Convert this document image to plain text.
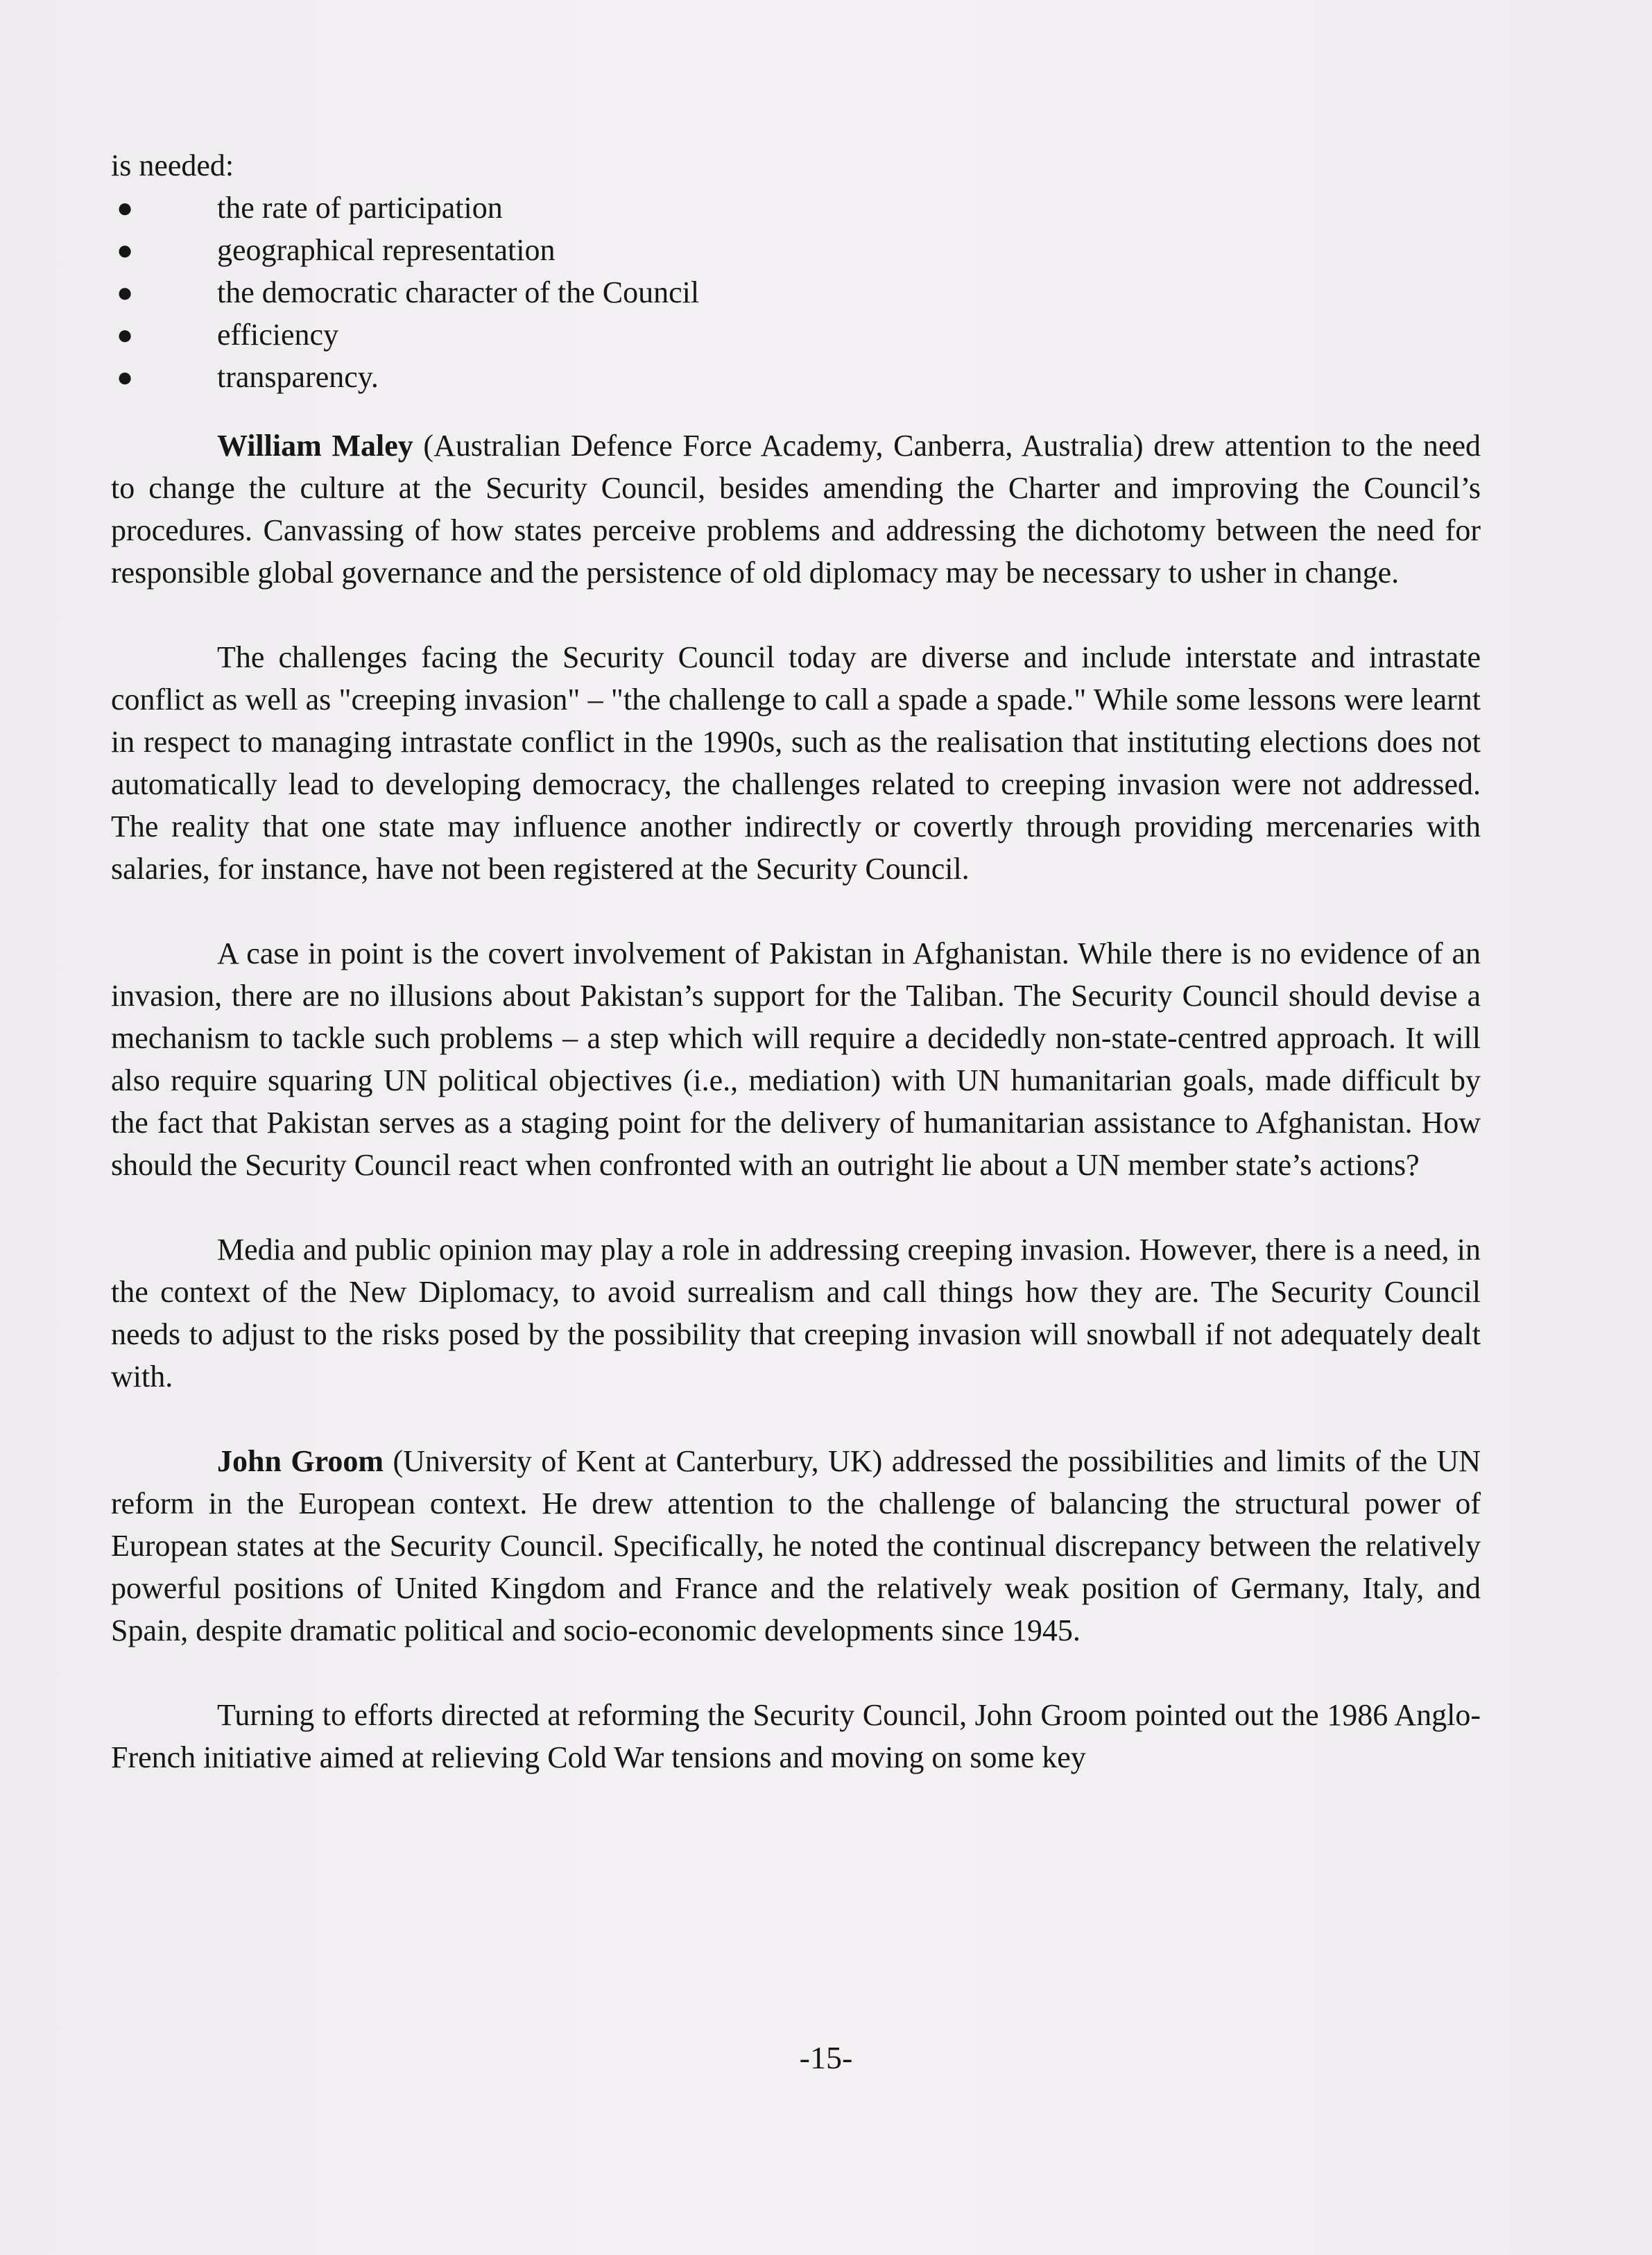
is needed:

●	the rate of participation
●	geographical representation
●	the democratic character of the Council
●	efficiency
●	transparency.

William Maley (Australian Defence Force Academy, Canberra, Australia) drew attention to the need to change the culture at the Security Council, besides amending the Charter and improving the Council’s procedures. Canvassing of how states perceive problems and addressing the dichotomy between the need for responsible global governance and the persistence of old diplomacy may be necessary to usher in change.

The challenges facing the Security Council today are diverse and include interstate and intrastate conflict as well as "creeping invasion" – "the challenge to call a spade a spade." While some lessons were learnt in respect to managing intrastate conflict in the 1990s, such as the realisation that instituting elections does not automatically lead to developing democracy, the challenges related to creeping invasion were not addressed. The reality that one state may influence another indirectly or covertly through providing mercenaries with salaries, for instance, have not been registered at the Security Council.

A case in point is the covert involvement of Pakistan in Afghanistan. While there is no evidence of an invasion, there are no illusions about Pakistan’s support for the Taliban. The Security Council should devise a mechanism to tackle such problems – a step which will require a decidedly non-state-centred approach. It will also require squaring UN political objectives (i.e., mediation) with UN humanitarian goals, made difficult by the fact that Pakistan serves as a staging point for the delivery of humanitarian assistance to Afghanistan. How should the Security Council react when confronted with an outright lie about a UN member state’s actions?

Media and public opinion may play a role in addressing creeping invasion. However, there is a need, in the context of the New Diplomacy, to avoid surrealism and call things how they are. The Security Council needs to adjust to the risks posed by the possibility that creeping invasion will snowball if not adequately dealt with.

John Groom (University of Kent at Canterbury, UK) addressed the possibilities and limits of the UN reform in the European context. He drew attention to the challenge of balancing the structural power of European states at the Security Council. Specifically, he noted the continual discrepancy between the relatively powerful positions of United Kingdom and France and the relatively weak position of Germany, Italy, and Spain, despite dramatic political and socio-economic developments since 1945.

Turning to efforts directed at reforming the Security Council, John Groom pointed out the 1986 Anglo-French initiative aimed at relieving Cold War tensions and moving on some key

-15-
